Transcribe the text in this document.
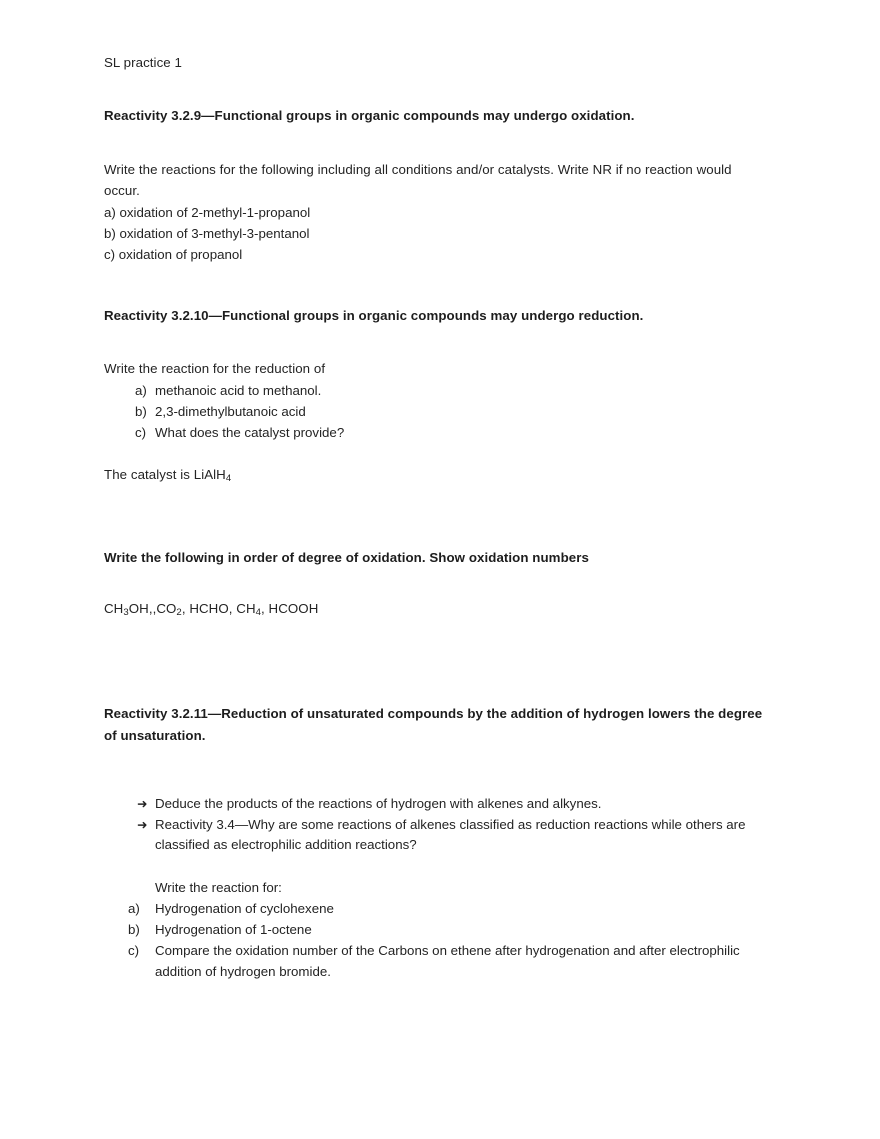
SL practice 1
Reactivity 3.2.9—Functional groups in organic compounds may undergo oxidation.
Write the reactions for the following including all conditions and/or catalysts. Write NR if no reaction would occur.
a) oxidation of 2-methyl-1-propanol
b) oxidation of 3-methyl-3-pentanol
c) oxidation of propanol
Reactivity 3.2.10—Functional groups in organic compounds may undergo reduction.
Write the reaction for the reduction of
a) methanoic acid to methanol.
b) 2,3-dimethylbutanoic acid
c) What does the catalyst provide?
The catalyst is LiAlH$_4$
Write the following in order of degree of oxidation. Show oxidation numbers
$CH_3OH,,CO_2$, HCHO, $CH_4$, HCOOH
Reactivity 3.2.11—Reduction of unsaturated compounds by the addition of hydrogen lowers the degree of unsaturation.
➜ Deduce the products of the reactions of hydrogen with alkenes and alkynes.
➜ Reactivity 3.4—Why are some reactions of alkenes classified as reduction reactions while others are classified as electrophilic addition reactions?
Write the reaction for:
a)	Hydrogenation of cyclohexene
b)	Hydrogenation of 1-octene
c)	Compare the oxidation number of the Carbons on ethene after hydrogenation and after electrophilic addition of hydrogen bromide.
